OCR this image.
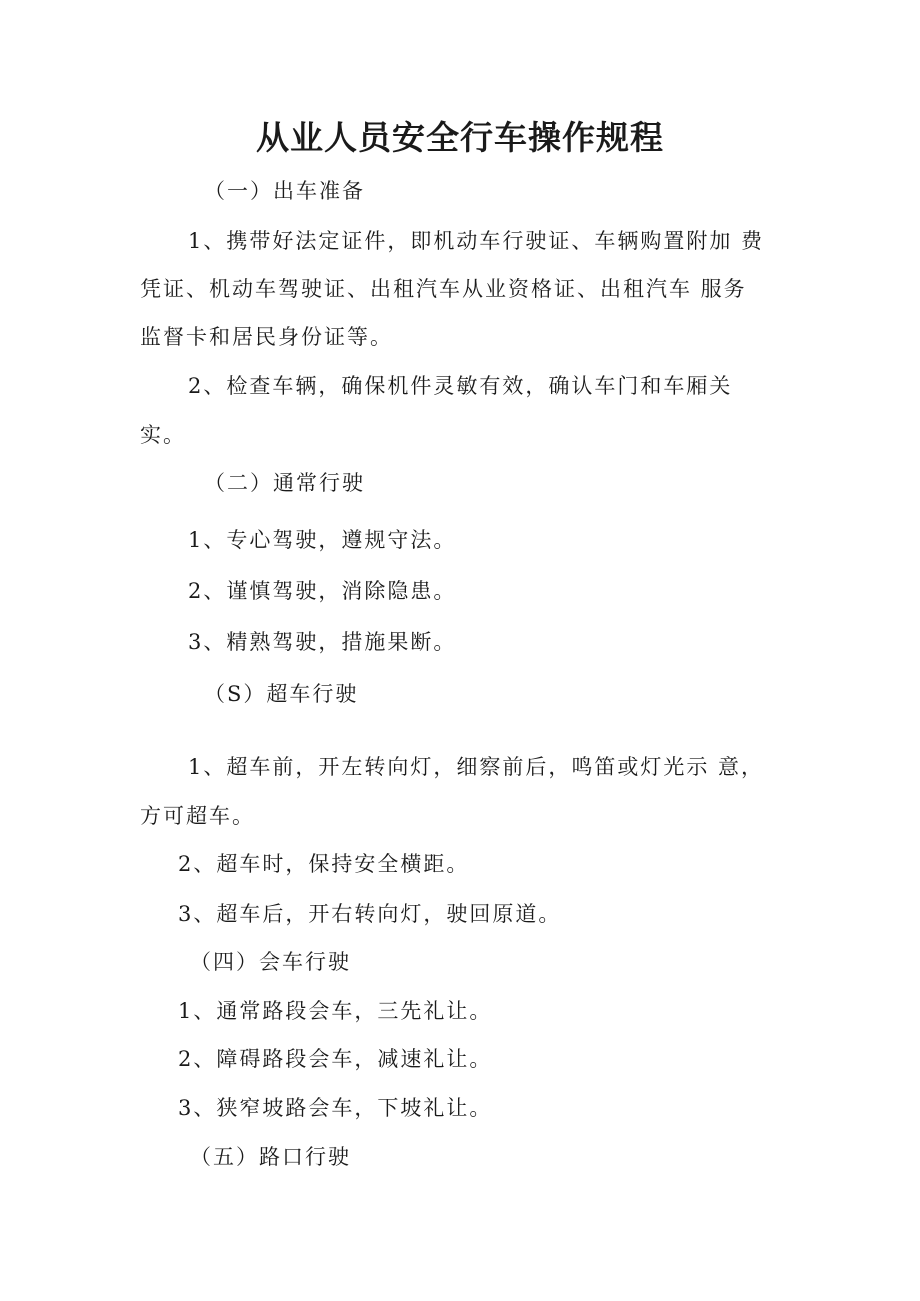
从业人员安全行车操作规程
（一）出车准备
1、携带好法定证件，即机动车行驶证、车辆购置附加 费
凭证、机动车驾驶证、出租汽车从业资格证、出租汽车 服务
监督卡和居民身份证等。
2、检查车辆，确保机件灵敏有效，确认车门和车厢关
实。
（二）通常行驶
1、专心驾驶，遵规守法。
2、谨慎驾驶，消除隐患。
3、精熟驾驶，措施果断。
（S）超车行驶
1、超车前，开左转向灯，细察前后，鸣笛或灯光示 意，
方可超车。
2、超车时，保持安全横距。
3、超车后，开右转向灯，驶回原道。
（四）会车行驶
1、通常路段会车，三先礼让。
2、障碍路段会车，减速礼让。
3、狭窄坡路会车，下坡礼让。
（五）路口行驶
